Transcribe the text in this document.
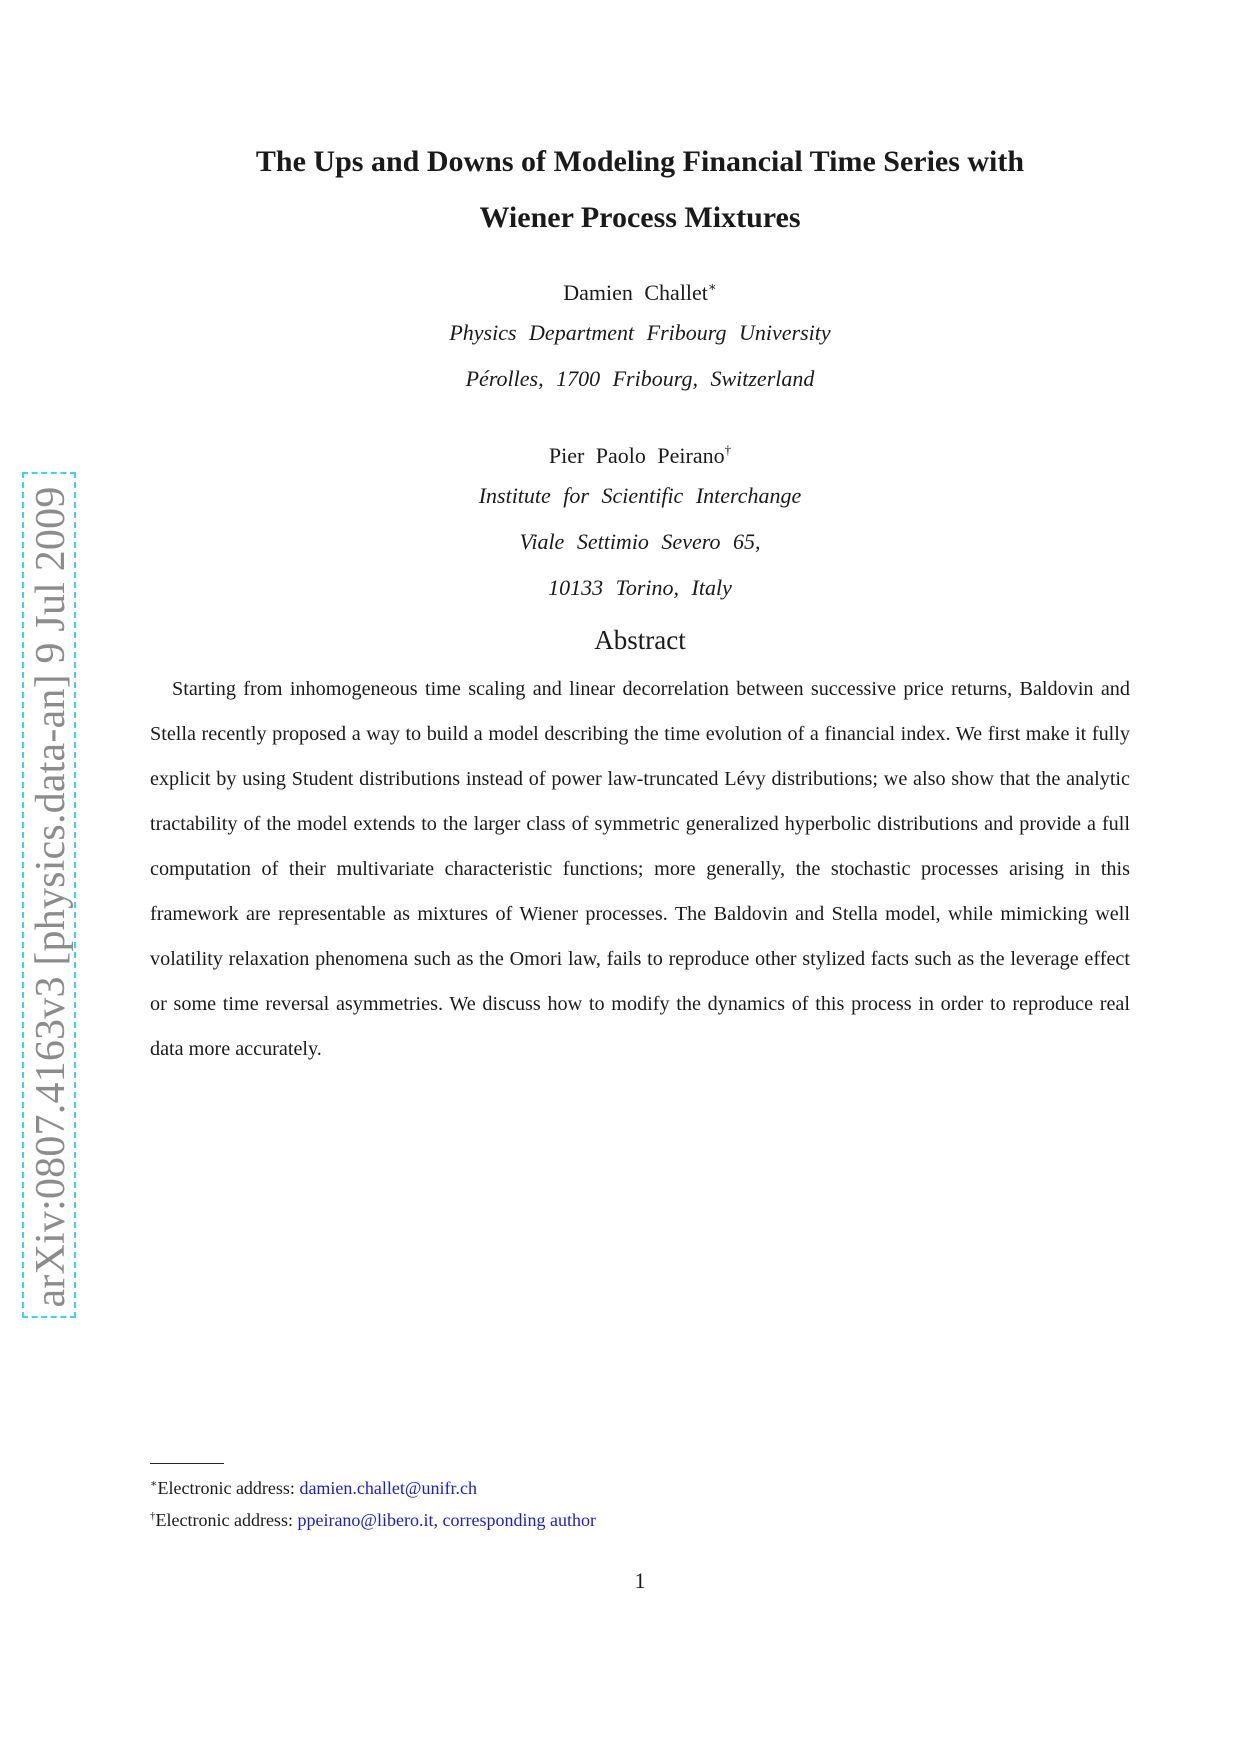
arXiv:0807.4163v3 [physics.data-an] 9 Jul 2009
The Ups and Downs of Modeling Financial Time Series with
Wiener Process Mixtures
Damien Challet∗
Physics Department Fribourg University
Pérolles, 1700 Fribourg, Switzerland
Pier Paolo Peirano†
Institute for Scientific Interchange
Viale Settimio Severo 65,
10133 Torino, Italy
Abstract

Starting from inhomogeneous time scaling and linear decorrelation between successive price returns, Baldovin and Stella recently proposed a way to build a model describing the time evolution of a financial index. We first make it fully explicit by using Student distributions instead of power law-truncated Lévy distributions; we also show that the analytic tractability of the model extends to the larger class of symmetric generalized hyperbolic distributions and provide a full computation of their multivariate characteristic functions; more generally, the stochastic processes arising in this framework are representable as mixtures of Wiener processes. The Baldovin and Stella model, while mimicking well volatility relaxation phenomena such as the Omori law, fails to reproduce other stylized facts such as the leverage effect or some time reversal asymmetries. We discuss how to modify the dynamics of this process in order to reproduce real data more accurately.

∗Electronic address: damien.challet@unifr.ch
†Electronic address: ppeirano@libero.it, corresponding author
1
